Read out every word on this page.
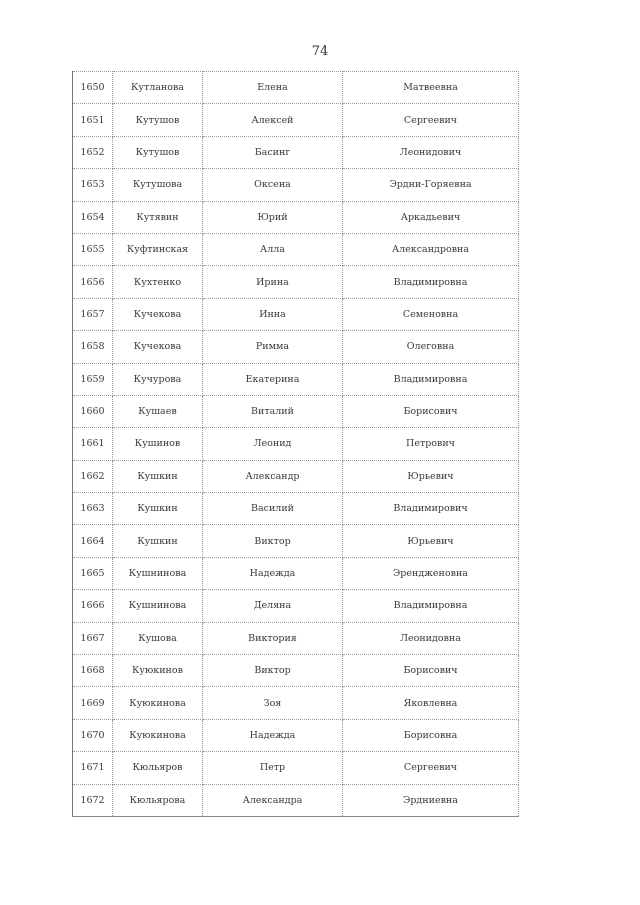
74
1650	Кутланова	Елена	Матвеевна
1651	Кутушов	Алексей	Сергеевич
1652	Кутушов	Басинг	Леонидович
1653	Кутушова	Оксена	Эрдни-Горяевна
1654	Кутявин	Юрий	Аркадьевич
1655	Куфтинская	Алла	Александровна
1656	Кухтенко	Ирина	Владимировна
1657	Кучекова	Инна	Семеновна
1658	Кучекова	Римма	Олеговна
1659	Кучурова	Екатерина	Владимировна
1660	Кушаев	Виталий	Борисович
1661	Кушинов	Леонид	Петрович
1662	Кушкин	Александр	Юрьевич
1663	Кушкин	Василий	Владимирович
1664	Кушкин	Виктор	Юрьевич
1665	Кушнинова	Надежда	Эрендженовна
1666	Кушнинова	Деляна	Владимировна
1667	Кушова	Виктория	Леонидовна
1668	Куюкинов	Виктор	Борисович
1669	Куюкинова	Зоя	Яковлевна
1670	Куюкинова	Надежда	Борисовна
1671	Кюльяров	Петр	Сергеевич
1672	Кюльярова	Александра	Эрдниевна
